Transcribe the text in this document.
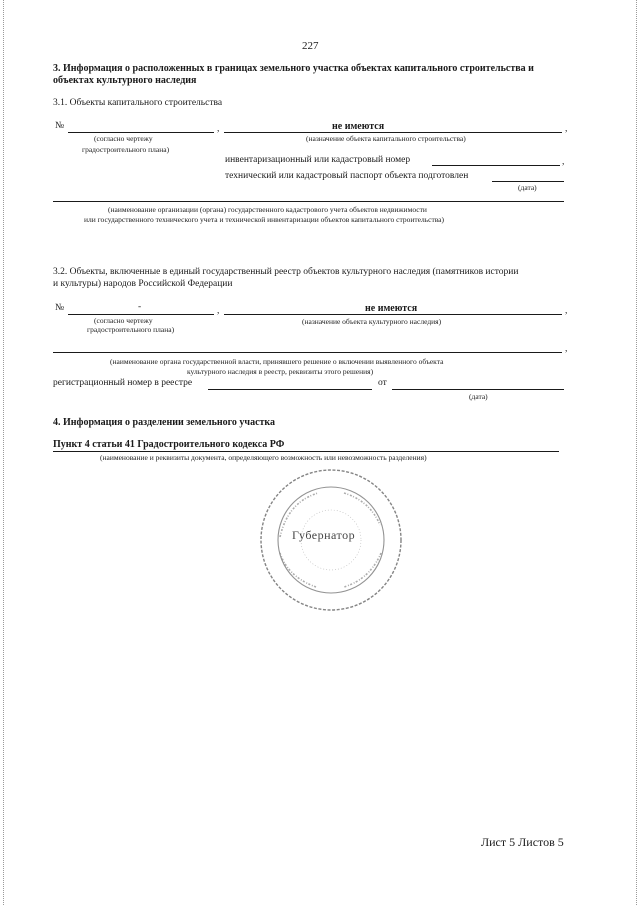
227
3. Информация о расположенных в границах земельного участка объектах капитального строительства и
объектах культурного наследия
3.1. Объекты капитального строительства
№	,	не имеются	,
(согласно чертежу
градостроительного плана)
(назначение объекта капитального строительства)
инвентаризационный или кадастровый номер	,
технический или кадастровый паспорт объекта подготовлен
(дата)
(наименование организации (органа) государственного кадастрового учета объектов недвижимости
или государственного технического учета и технической инвентаризации объектов капитального строительства)
3.2. Объекты, включенные в единый государственный реестр объектов культурного наследия (памятников истории
и культуры) народов Российской Федерации
№	-	,	не имеются	,
(согласно чертежу
градостроительного плана)
(назначение объекта культурного наследия)
,
(наименование органа государственной власти, принявшего решение о включении выявленного объекта
культурного наследия в реестр, реквизиты этого решения)
регистрационный номер в реестре	от
(дата)
4. Информация о разделении земельного участка
Пункт 4 статьи 41 Градостроительного кодекса РФ
(наименование и реквизиты документа, определяющего возможность или невозможность разделения)
Губернатор
Лист 5 Листов 5
